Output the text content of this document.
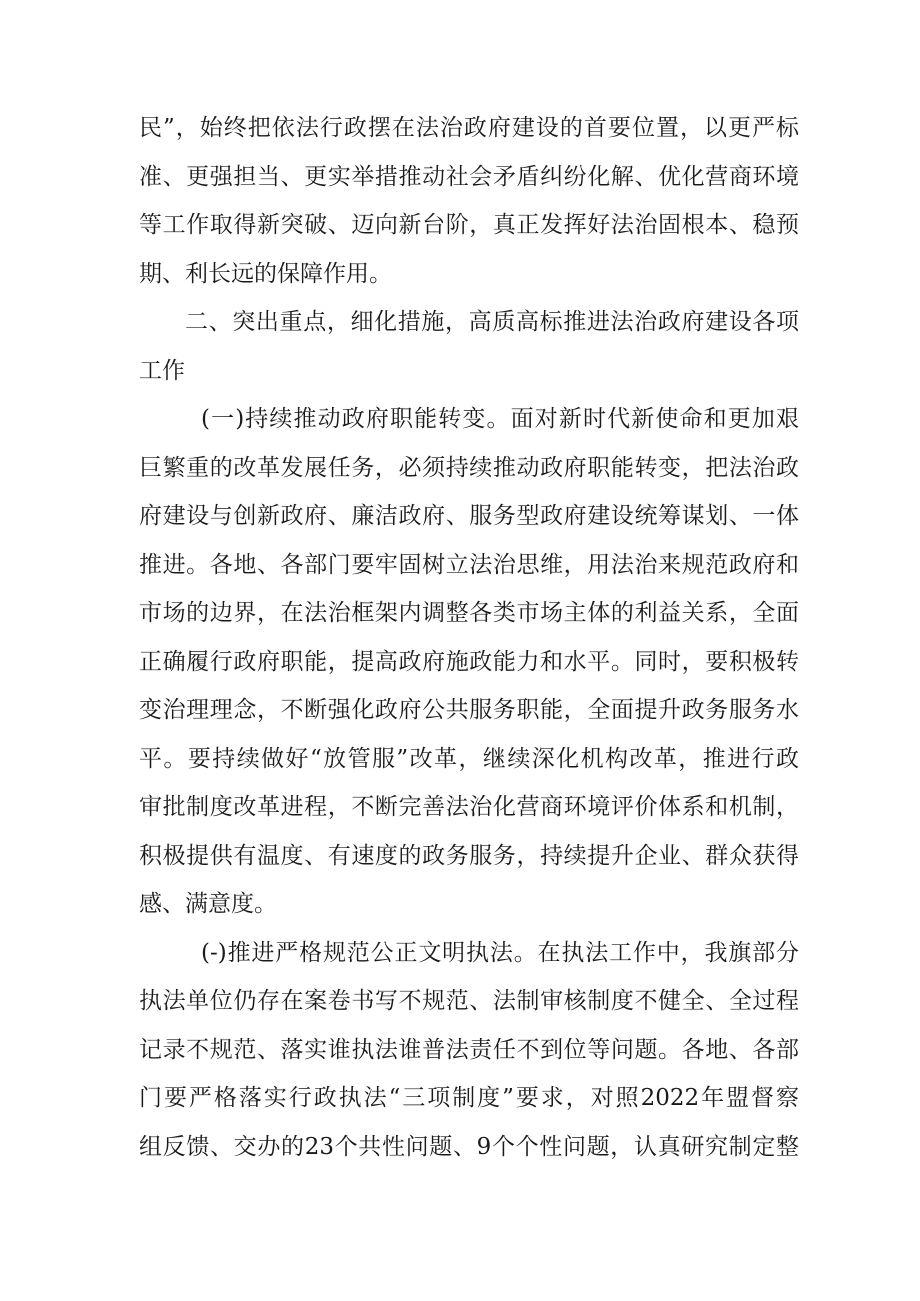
民”，始终把依法行政摆在法治政府建设的首要位置，以更严标
准、更强担当、更实举措推动社会矛盾纠纷化解、优化营商环境
等工作取得新突破、迈向新台阶，真正发挥好法治固根本、稳预
期、利长远的保障作用。
二、突出重点，细化措施，高质高标推进法治政府建设各项
工作
(一)持续推动政府职能转变。面对新时代新使命和更加艰
巨繁重的改革发展任务，必须持续推动政府职能转变，把法治政
府建设与创新政府、廉洁政府、服务型政府建设统筹谋划、一体
推进。各地、各部门要牢固树立法治思维，用法治来规范政府和
市场的边界，在法治框架内调整各类市场主体的利益关系，全面
正确履行政府职能，提高政府施政能力和水平。同时，要积极转
变治理理念，不断强化政府公共服务职能，全面提升政务服务水
平。要持续做好“放管服”改革，继续深化机构改革，推进行政
审批制度改革进程，不断完善法治化营商环境评价体系和机制，
积极提供有温度、有速度的政务服务，持续提升企业、群众获得
感、满意度。
(-)推进严格规范公正文明执法。在执法工作中，我旗部分
执法单位仍存在案卷书写不规范、法制审核制度不健全、全过程
记录不规范、落实谁执法谁普法责任不到位等问题。各地、各部
门要严格落实行政执法“三项制度”要求，对照2022年盟督察
组反馈、交办的23个共性问题、9个个性问题，认真研究制定整
